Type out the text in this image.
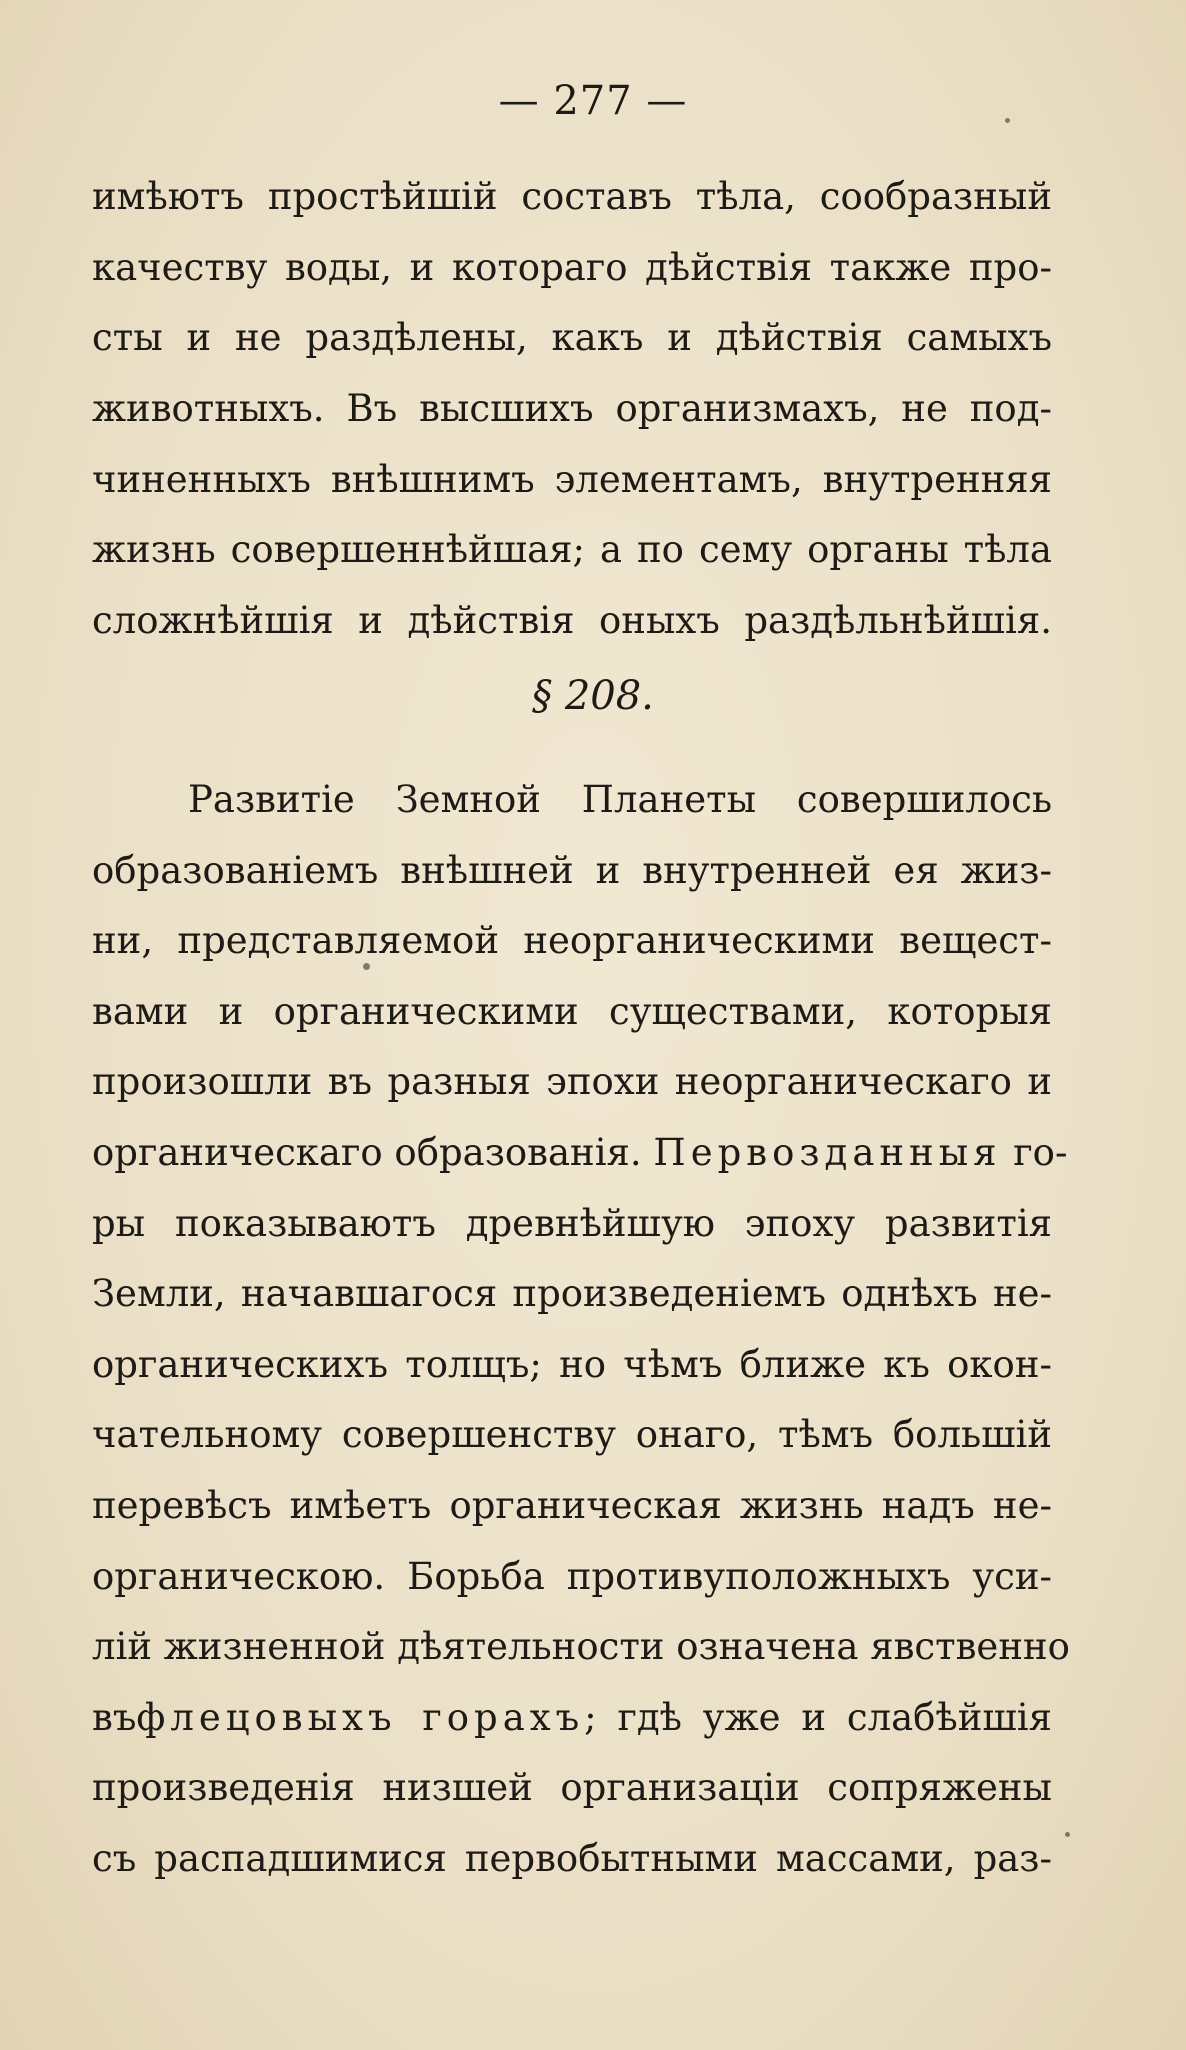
— 277 —
имѣютъ простѣйшій составъ тѣла, сообразный
качеству воды, и котораго дѣйствія также про-
сты и не раздѣлены, какъ и дѣйствія самыхъ
животныхъ. Въ высшихъ организмахъ, не под-
чиненныхъ внѣшнимъ элементамъ, внутренняя
жизнь совершеннѣйшая; а по сему органы тѣла
сложнѣйшія и дѣйствія оныхъ раздѣльнѣйшія.
§ 208.
Развитіе Земной Планеты совершилось
образованіемъ внѣшней и внутренней ея жиз-
ни, представляемой неорганическими вещест-
вами и органическими существами, которыя
произошли въ разныя эпохи неорганическаго и
органическаго образованія. Первозданныя го-
ры показываютъ древнѣйшую эпоху развитія
Земли, начавшагося произведеніемъ однѣхъ не-
органическихъ толщъ; но чѣмъ ближе къ окон-
чательному совершенству онаго, тѣмъ большій
перевѣсъ имѣетъ органическая жизнь надъ не-
органическою. Борьба противуположныхъ уси-
лій жизненной дѣятельности означена явственно
въфлецовыхъ горахъ; гдѣ уже и слабѣйшія
произведенія низшей организаціи сопряжены
съ распадшимися первобытными массами, раз-
